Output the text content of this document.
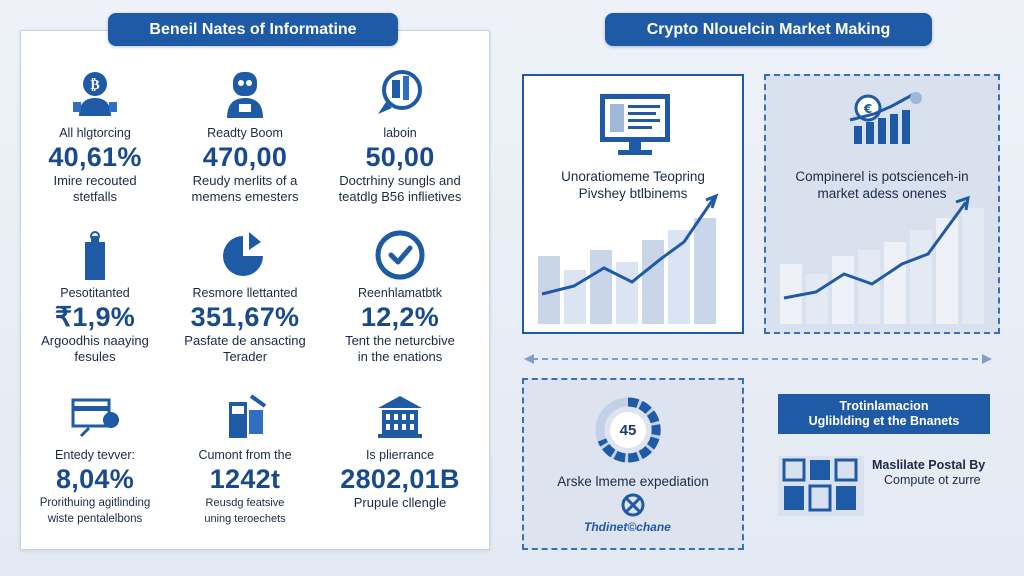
Beneil Nates of Informatine	Crypto Nlouelcin Market Making
₿
All hlgtorcing
40,61%
Imire recouted
stetfalls
Readty Boom
470,00
Reudy merlits of a
memens emesters
laboin
50,00
Doctrhiny sungls and
teatdlg B56 inflietives
Pesotitanted
₹1,9%
Argoodhis naaying
fesules
Resmore llettanted
351,67%
Pasfate de ansacting
Terader
Reenhlamatbtk
12,2%
Tent the neturcbive
in the enations
Entedy tevver:
8,04%
Prorithuing agitlinding
wiste pentalelbons
Cumont from the
1242t
Reusdg featsive
uning teroechets
Is plierrance
2802,01B
Prupule cllengle
Unoratiomeme Teopring
Pivshey btlbinems
€
Compinerel is potscienceh-in
market adess onenes
45
Arske lmeme expediation
Thdinet©chane
Trotinlamacion
Ugliblding et the Bnanets
Maslilate Postal By
Compute ot zurre
